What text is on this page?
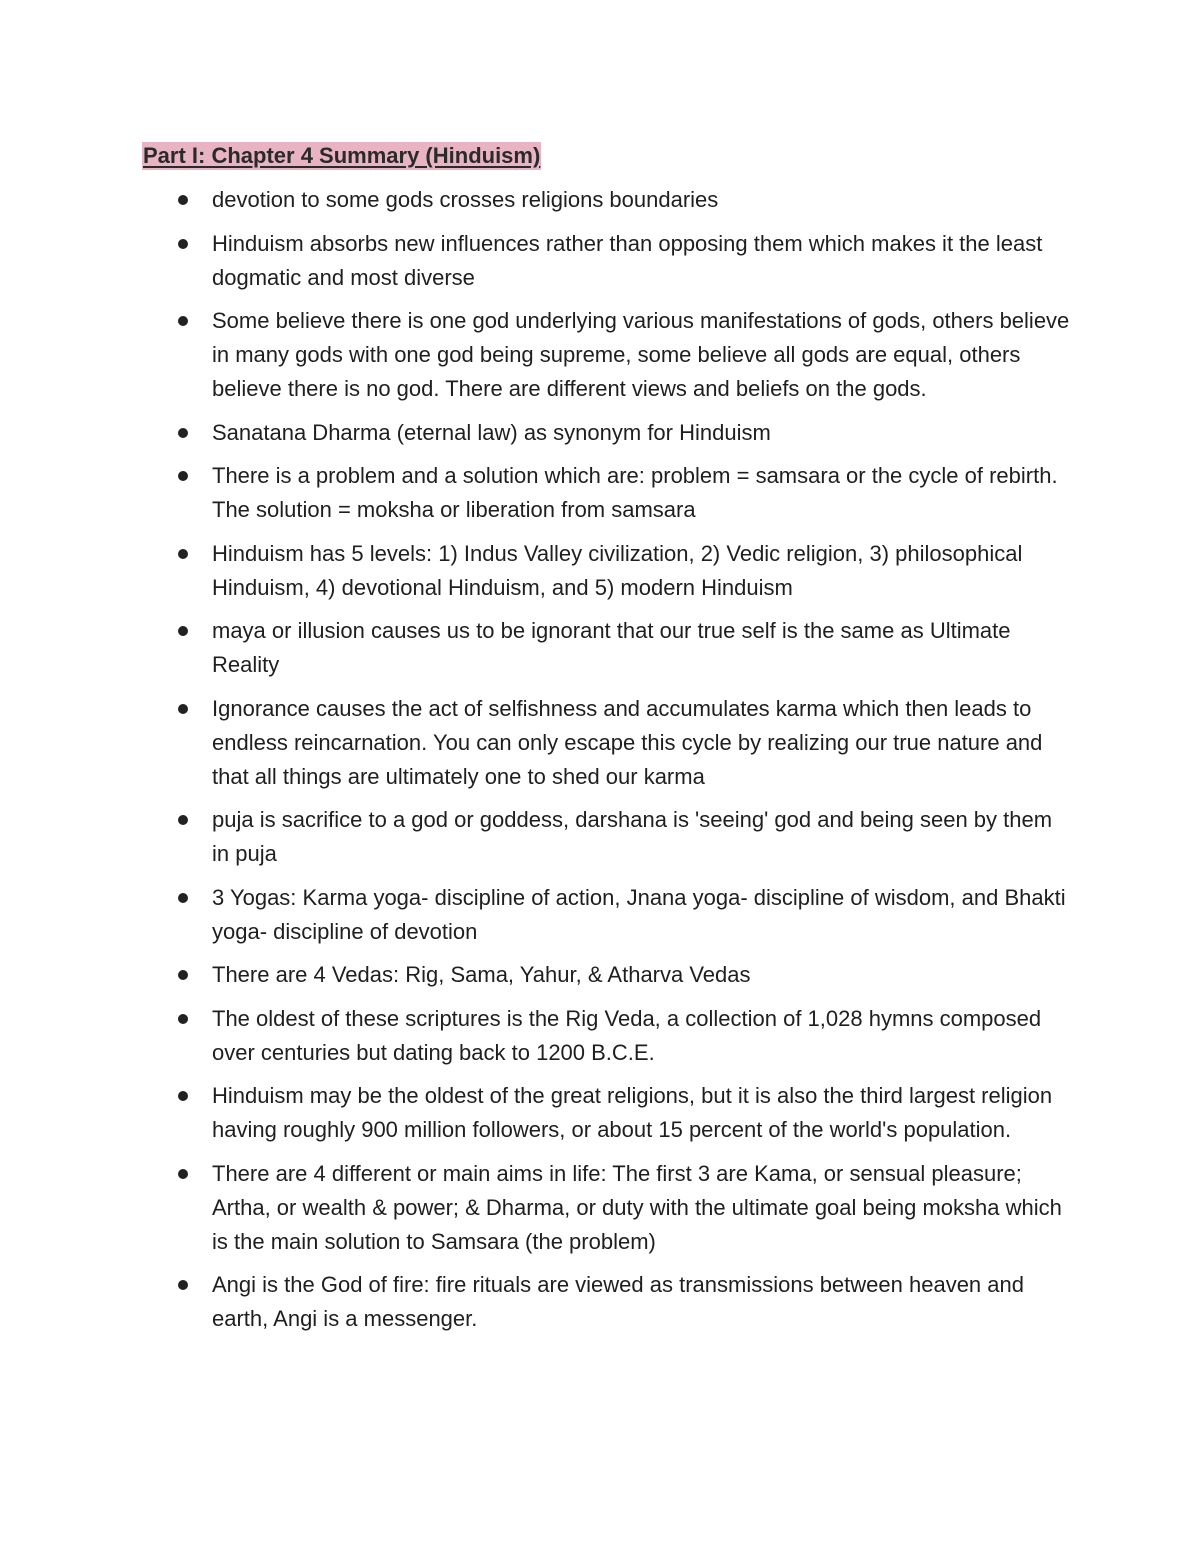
Part I: Chapter 4 Summary (Hinduism)
devotion to some gods crosses religions boundaries
Hinduism absorbs new influences rather than opposing them which makes it the least dogmatic and most diverse
Some believe there is one god underlying various manifestations of gods, others believe in many gods with one god being supreme, some believe all gods are equal, others believe there is no god. There are different views and beliefs on the gods.
Sanatana Dharma (eternal law) as synonym for Hinduism
There is a problem and a solution which are: problem = samsara or the cycle of rebirth. The solution = moksha or liberation from samsara
Hinduism has 5 levels: 1) Indus Valley civilization, 2) Vedic religion, 3) philosophical Hinduism, 4) devotional Hinduism, and 5) modern Hinduism
maya or illusion causes us to be ignorant that our true self is the same as Ultimate Reality
Ignorance causes the act of selfishness and accumulates karma which then leads to endless reincarnation. You can only escape this cycle by realizing our true nature and that all things are ultimately one to shed our karma
puja is sacrifice to a god or goddess, darshana is 'seeing' god and being seen by them in puja
3 Yogas: Karma yoga- discipline of action, Jnana yoga- discipline of wisdom, and Bhakti yoga- discipline of devotion
There are 4 Vedas: Rig, Sama, Yahur, & Atharva Vedas
The oldest of these scriptures is the Rig Veda, a collection of 1,028 hymns composed over centuries but dating back to 1200 B.C.E.
Hinduism may be the oldest of the great religions, but it is also the third largest religion having roughly 900 million followers, or about 15 percent of the world's population.
There are 4 different or main aims in life: The first 3 are Kama, or sensual pleasure; Artha, or wealth & power; & Dharma, or duty with the ultimate goal being moksha which is the main solution to Samsara (the problem)
Angi is the God of fire: fire rituals are viewed as transmissions between heaven and earth, Angi is a messenger.
